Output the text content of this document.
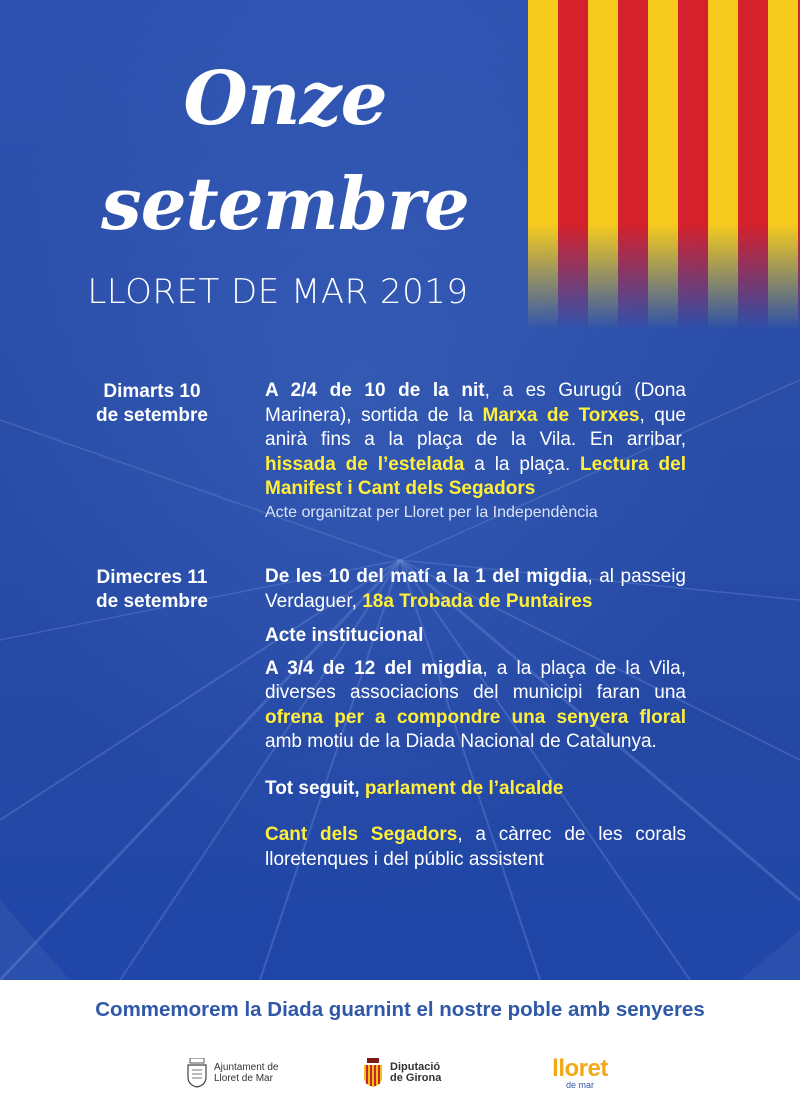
Onze
setembre
LLORET DE MAR 2019
Dimarts 10
de setembre

A 2/4 de 10 de la nit, a es Gurugú (Dona Marinera), sortida de la Marxa de Torxes, que anirà fins a la plaça de la Vila. En arribar, hissada de l’estelada a la plaça. Lectura del Manifest i Cant dels Segadors

Acte organitzat per Lloret per la Independència

Dimecres 11
de setembre

De les 10 del matí a la 1 del migdia, al passeig Verdaguer, 18a Trobada de Puntaires

Acte institucional

A 3/4 de 12 del migdia, a la plaça de la Vila, diverses associacions del municipi faran una ofrena per a compondre una senyera floral amb motiu de la Diada Nacional de Catalunya.

Tot seguit, parlament de l’alcalde

Cant dels Segadors, a càrrec de les corals lloretenques i del públic assistent

Commemorem la Diada guarnint el nostre poble amb senyeres
Ajuntament de
Lloret de Mar
Diputació
de Girona	lloret
de mar
